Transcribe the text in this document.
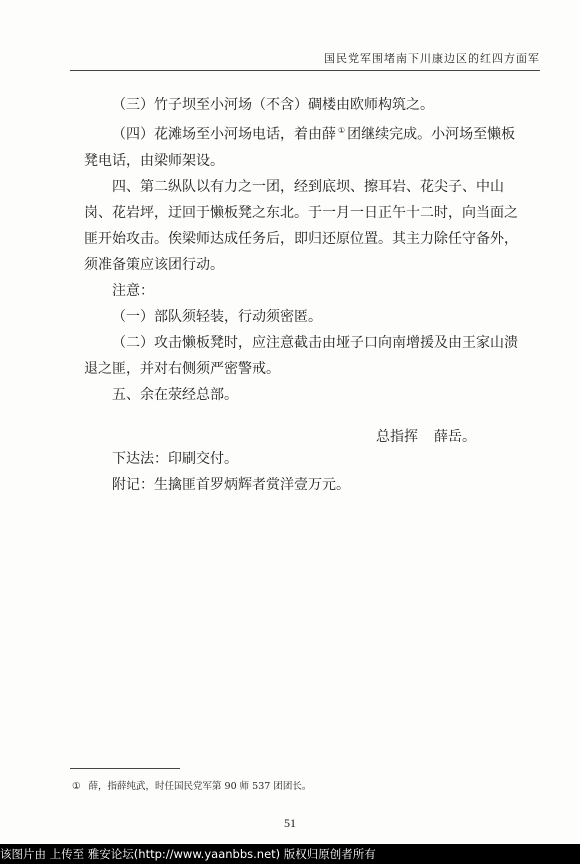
国民党军围堵南下川康边区的红四方面军

（三）竹子坝至小河场（不含）碉楼由欧师构筑之。

（四）花滩场至小河场电话，着由薛 ① 团继续完成。小河场至懒板凳电话，由梁师架设。

四、第二纵队以有力之一团，经到底坝、擦耳岩、花尖子、中山岗、花岩坪，迂回于懒板凳之东北。于一月一日正午十二时，向当面之匪开始攻击。俟梁师达成任务后，即归还原位置。其主力除任守备外，须准备策应该团行动。

注意：

（一）部队须轻装，行动须密匿。

（二）攻击懒板凳时，应注意截击由垭子口向南增援及由王家山溃退之匪，并对右侧须严密警戒。

五、余在荥经总部。

总指挥 薛岳。

下达法：印刷交付。

附记：生擒匪首罗炳辉者赏洋壹万元。

① 薛，指薛纯武，时任国民党军第 90 师 537 团团长。
51
该图片由 上传至 雅安论坛(http://www.yaanbbs.net) 版权归原创者所有
